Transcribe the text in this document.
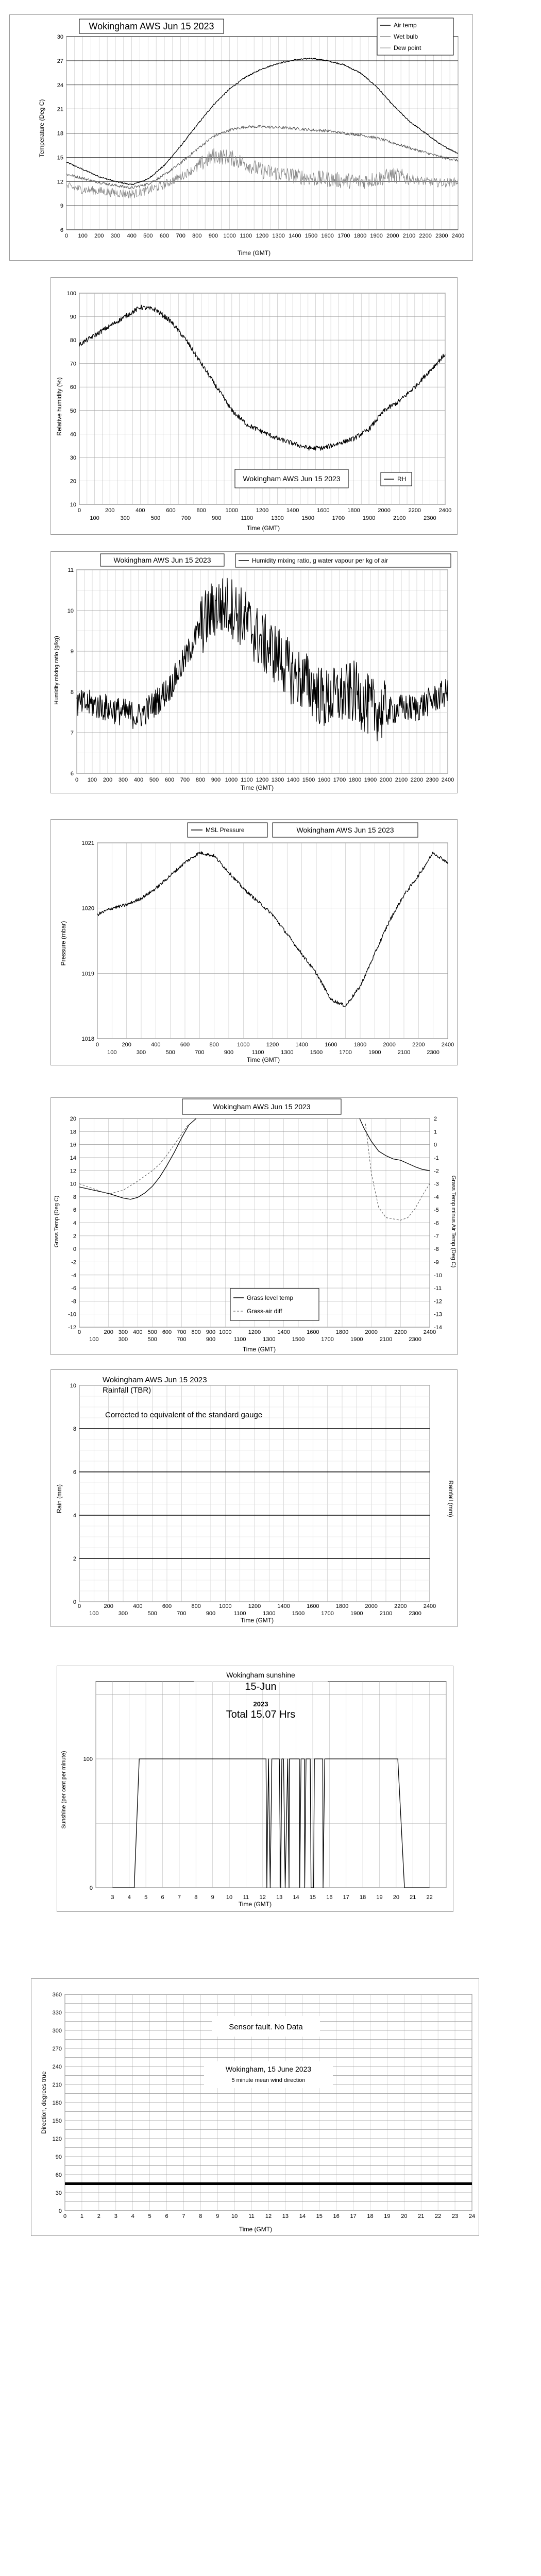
6
9
12
15
18
21
24
27
30
0 100 200 300 400 500 600 700 800 900 1000 1100 1200 1300 1400 1500 1600 1700 1800 1900 2000 2100 2200 2300 2400
Wokingham AWS Jun 15 2023	Air temp
Wet bulb
Dew point
Temperature (Deg C)
Time (GMT)
10
20
30
40
50
60
70
80
90
100
0	200	400	600	800	1000	1200	1400	1600	1800	2000	2200	2400
100	300	500	700	900	1100	1300	1500	1700	1900	2100	2300
Wokingham AWS Jun 15 2023	RH
Relative humidity (%)
Time (GMT)
6
7
8
9
10
11
0 100 200 300 400 500 600 700 800 900 1000 1100 1200 1300 1400 1500 1600 1700 1800 1900 2000 2100 2200 2300 2400
Wokingham AWS Jun 15 2023	Humidity mixing ratio, g water vapour per kg of air
Humidity mixing ratio (g/kg)
Time (GMT)
1018
1019
1020
1021
0	200	400	600	800	1000	1200	1400	1600	1800	2000	2200	2400
100	300	500	700	900	1100	1300	1500	1700	1900	2100	2300
MSL Pressure	Wokingham AWS Jun 15 2023
Pressure (mbar)
Time (GMT)
-12
-10
-8
-6
-4
-2
0
2
4
6
8
10
12
14
16
18
20
-14
-13
-12
-11
-10
-9
-8
-7
-6
-5
-4
-3
-2
-1
0
1
2
0	200 300 400 500 600 700 800 900 1000	1200	1400	1600	1800	2000	2200	2400
100	300	500	700	900	1100	1300	1500	1700	1900	2100	2300
Wokingham AWS Jun 15 2023
Grass level temp
Grass-air diff
Grass Temp (Deg C)	Grass Temp minus Air Temp (Deg C)
Time (GMT)
0
2
4
6
8
10
0	200	400	600	800	1000	1200	1400	1600	1800	2000	2200	2400
100	300	500	700	900	1100	1300	1500	1700	1900	2100	2300
Wokingham AWS Jun 15 2023
Rainfall (TBR)
Corrected to equivalent of the standard gauge
Rain (mm)	Rainfall (mm)
Time (GMT)
0
100
3 4 5 6 7 8 9 10 11 12 13 14 15 16 17 18 19 20 21 22
Wokingham sunshine
15-Jun
2023
Total 15.07 Hrs
Sunshine (per cent per minute)
Time (GMT)
0
30
60
90
120
150
180
210
240
270
300
330
360
0 1 2 3 4 5 6 7 8 9 10 11 12 13 14 15 16 17 18 19 20 21 22 23 24
Sensor fault. No Data
Wokingham, 15 June 2023
5 minute mean wind direction
Direction, degrees true
Time (GMT)
